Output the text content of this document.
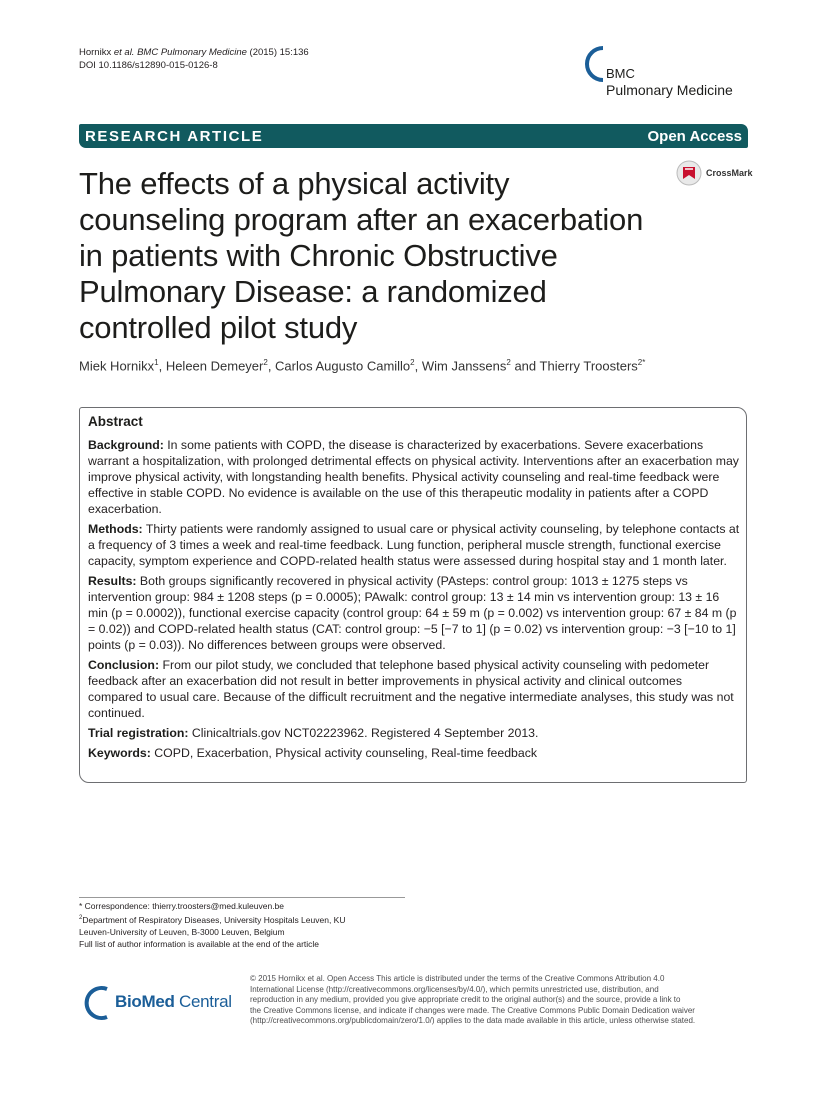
Hornikx et al. BMC Pulmonary Medicine (2015) 15:136
DOI 10.1186/s12890-015-0126-8
BMC
Pulmonary Medicine
RESEARCH ARTICLE	Open Access
CrossMark
The effects of a physical activity
counseling program after an exacerbation
in patients with Chronic Obstructive
Pulmonary Disease: a randomized
controlled pilot study
Miek Hornikx$^1$, Heleen Demeyer$^2$, Carlos Augusto Camillo$^2$, Wim Janssens$^2$ and Thierry Troosters$^{2*}$
Abstract

Background: In some patients with COPD, the disease is characterized by exacerbations. Severe exacerbations warrant a hospitalization, with prolonged detrimental effects on physical activity. Interventions after an exacerbation may improve physical activity, with longstanding health benefits. Physical activity counseling and real-time feedback were effective in stable COPD. No evidence is available on the use of this therapeutic modality in patients after a COPD exacerbation.

Methods: Thirty patients were randomly assigned to usual care or physical activity counseling, by telephone contacts at a frequency of 3 times a week and real-time feedback. Lung function, peripheral muscle strength, functional exercise capacity, symptom experience and COPD-related health status were assessed during hospital stay and 1 month later.

Results: Both groups significantly recovered in physical activity (PAsteps: control group: 1013 ± 1275 steps vs intervention group: 984 ± 1208 steps (p = 0.0005); PAwalk: control group: 13 ± 14 min vs intervention group: 13 ± 16 min (p = 0.0002)), functional exercise capacity (control group: 64 ± 59 m (p = 0.002) vs intervention group: 67 ± 84 m (p = 0.02)) and COPD-related health status (CAT: control group: −5 [−7 to 1] (p = 0.02) vs intervention group: −3 [−10 to 1] points (p = 0.03)). No differences between groups were observed.

Conclusion: From our pilot study, we concluded that telephone based physical activity counseling with pedometer feedback after an exacerbation did not result in better improvements in physical activity and clinical outcomes compared to usual care. Because of the difficult recruitment and the negative intermediate analyses, this study was not continued.

Trial registration: Clinicaltrials.gov NCT02223962. Registered 4 September 2013.

Keywords: COPD, Exacerbation, Physical activity counseling, Real-time feedback

* Correspondence: thierry.troosters@med.kuleuven.be
$^2$Department of Respiratory Diseases, University Hospitals Leuven, KU
Leuven-University of Leuven, B-3000 Leuven, Belgium
Full list of author information is available at the end of the article
BioMed Central
© 2015 Hornikx et al. Open Access This article is distributed under the terms of the Creative Commons Attribution 4.0
International License (http://creativecommons.org/licenses/by/4.0/), which permits unrestricted use, distribution, and
reproduction in any medium, provided you give appropriate credit to the original author(s) and the source, provide a link to
the Creative Commons license, and indicate if changes were made. The Creative Commons Public Domain Dedication waiver
(http://creativecommons.org/publicdomain/zero/1.0/) applies to the data made available in this article, unless otherwise stated.
